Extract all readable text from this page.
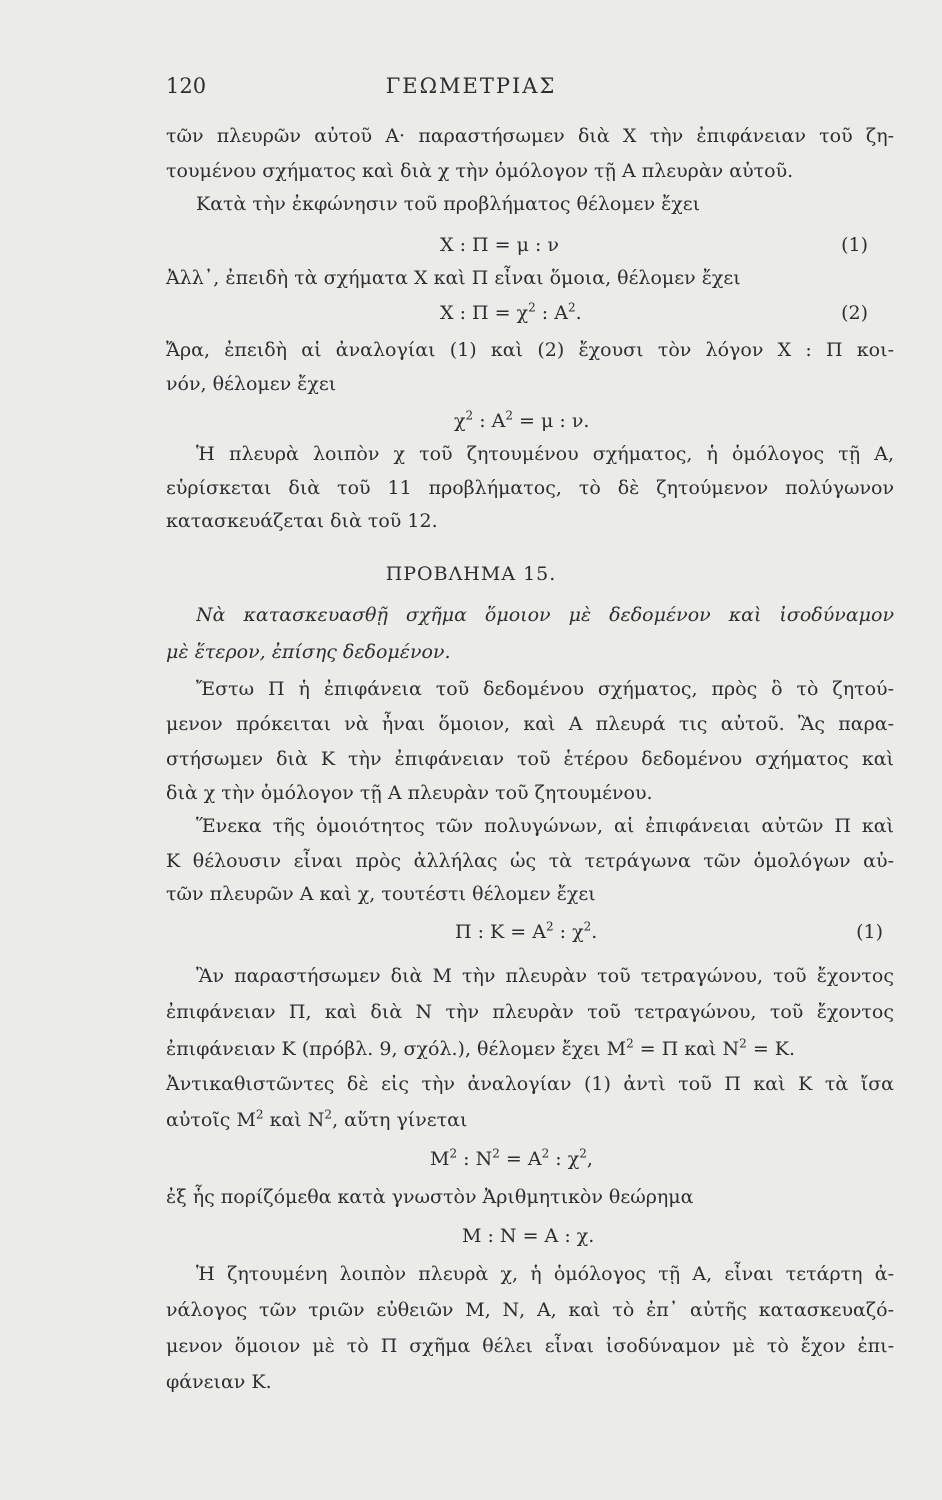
120	ΓΕΩΜΕΤΡΙΑΣ
τῶν πλευρῶν αὐτοῦ Α· παραστήσωμεν διὰ Χ τὴν ἐπιφάνειαν τοῦ ζη-
τουμένου σχήματος καὶ διὰ χ τὴν ὁμόλογον τῇ Α πλευρὰν αὐτοῦ.
Κατὰ τὴν ἐκφώνησιν τοῦ προβλήματος θέλομεν ἔχει
Χ : Π = μ : ν	(1)
Ἀλλ᾽, ἐπειδὴ τὰ σχήματα Χ καὶ Π εἶναι ὅμοια, θέλομεν ἔχει
Χ : $\Pi = \chi^2$ : $A^2$.	(2)
Ἄρα, ἐπειδὴ αἱ ἀναλογίαι (1) καὶ (2) ἔχουσι τὸν λόγον Χ : Π κοι-
νόν, θέλομεν ἔχει
$\chi^2$ : $A^2 = \mu$ : ν.
Ἡ πλευρὰ λοιπὸν χ τοῦ ζητουμένου σχήματος, ἡ ὁμόλογος τῇ Α,
εὑρίσκεται διὰ τοῦ 11 προβλήματος, τὸ δὲ ζητούμενον πολύγωνον
κατασκευάζεται διὰ τοῦ 12.
ΠΡΟΒΛΗΜΑ 15.
Νὰ κατασκευασθῇ σχῆμα ὅμοιον μὲ δεδομένον καὶ ἰσοδύναμον
μὲ ἕτερον, ἐπίσης δεδομένον.
Ἔστω Π ἡ ἐπιφάνεια τοῦ δεδομένου σχήματος, πρὸς ὃ τὸ ζητού-
μενον πρόκειται νὰ ἦναι ὅμοιον, καὶ Α πλευρά τις αὐτοῦ. Ἂς παρα-
στήσωμεν διὰ Κ τὴν ἐπιφάνειαν τοῦ ἑτέρου δεδομένου σχήματος καὶ
διὰ χ τὴν ὁμόλογον τῇ Α πλευρὰν τοῦ ζητουμένου.
Ἕνεκα τῆς ὁμοιότητος τῶν πολυγώνων, αἱ ἐπιφάνειαι αὐτῶν Π καὶ
Κ θέλουσιν εἶναι πρὸς ἀλλήλας ὡς τὰ τετράγωνα τῶν ὁμολόγων αὐ-
τῶν πλευρῶν Α καὶ χ, τουτέστι θέλομεν ἔχει
Π : $K = A^2$ : $\chi^2$.	(1)
Ἂν παραστήσωμεν διὰ Μ τὴν πλευρὰν τοῦ τετραγώνου, τοῦ ἔχοντος
ἐπιφάνειαν Π, καὶ διὰ Ν τὴν πλευρὰν τοῦ τετραγώνου, τοῦ ἔχοντος
ἐπιφάνειαν Κ (πρόβλ. 9, σχόλ.), θέλομεν ἔχει $M^2 = \Pi$ καὶ $N^2 = K$.
Ἀντικαθιστῶντες δὲ εἰς τὴν ἀναλογίαν (1) ἀντὶ τοῦ Π καὶ Κ τὰ ἴσα
αὐτοῖς $M^2$ καὶ $N^2$, αὕτη γίνεται
$M^2$ : $N^2 = A^2$ : $\chi^2$,
ἐξ ἧς πορίζόμεθα κατὰ γνωστὸν Ἀριθμητικὸν θεώρημα
Μ : Ν = Α : χ.
Ἡ ζητουμένη λοιπὸν πλευρὰ χ, ἡ ὁμόλογος τῇ Α, εἶναι τετάρτη ἀ-
νάλογος τῶν τριῶν εὐθειῶν Μ, Ν, Α, καὶ τὸ ἐπ᾽ αὐτῆς κατασκευαζό-
μενον ὅμοιον μὲ τὸ Π σχῆμα θέλει εἶναι ἰσοδύναμον μὲ τὸ ἔχον ἐπι-
φάνειαν Κ.
